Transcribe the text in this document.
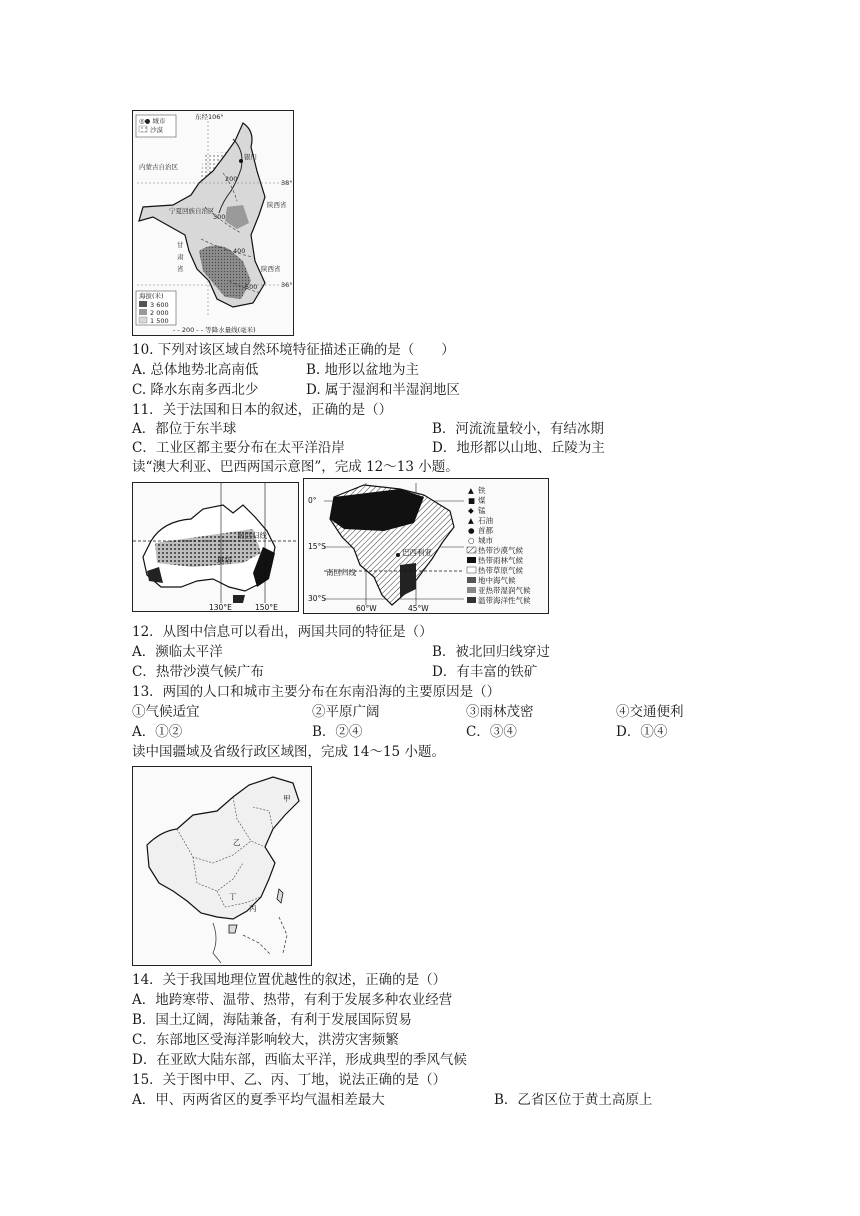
东经106°
◎● 城市
沙漠
银川
内蒙古自治区
宁夏回族自治区
甘
肃
省
陕西省
陕西省
38°
36°
200
300
400
500
海拔(米)
3 600
2 000
1 500
- - 200 - - 等降水量线(毫米)
10. 下列对该区域自然环境特征描述正确的是（　　）
A. 总体地势北高南低	B. 地形以盆地为主
C. 降水东南多西北少	D. 属于湿润和半湿润地区
11．关于法国和日本的叙述，正确的是（）
A．都位于东半球	B．河流流量较小，有结冰期
C．工业区都主要分布在太平洋沿岸	D．地形都以山地、丘陵为主
读“澳大利亚、巴西两国示意图”，完成 12～13 小题。
南回归线
堪培
130°E	150°E
0°
15°S
30°S
巴西利亚
南回归线
60°W	45°W
▲ 铁
■ 煤
◆ 锰
▲ 石油
● 首都
○ 城市
热带沙漠气候
热带雨林气候
热带草原气候
地中海气候
亚热带湿润气候
温带海洋性气候
12．从图中信息可以看出，两国共同的特征是（）
A．濒临太平洋	B．被北回归线穿过
C．热带沙漠气候广布	D．有丰富的铁矿
13．两国的人口和城市主要分布在东南沿海的主要原因是（）
①气候适宜	②平原广阔	③雨林茂密	④交通便利
A．①②	B．②④	C．③④	D．①④
读中国疆域及省级行政区域图，完成 14～15 小题。
甲
乙
丙
丁
14．关于我国地理位置优越性的叙述，正确的是（）
A．地跨寒带、温带、热带，有利于发展多种农业经营
B．国土辽阔，海陆兼备，有利于发展国际贸易
C．东部地区受海洋影响较大，洪涝灾害频繁
D．在亚欧大陆东部，西临太平洋，形成典型的季风气候
15．关于图中甲、乙、丙、丁地，说法正确的是（）
A．甲、丙两省区的夏季平均气温相差最大	B．乙省区位于黄土高原上
